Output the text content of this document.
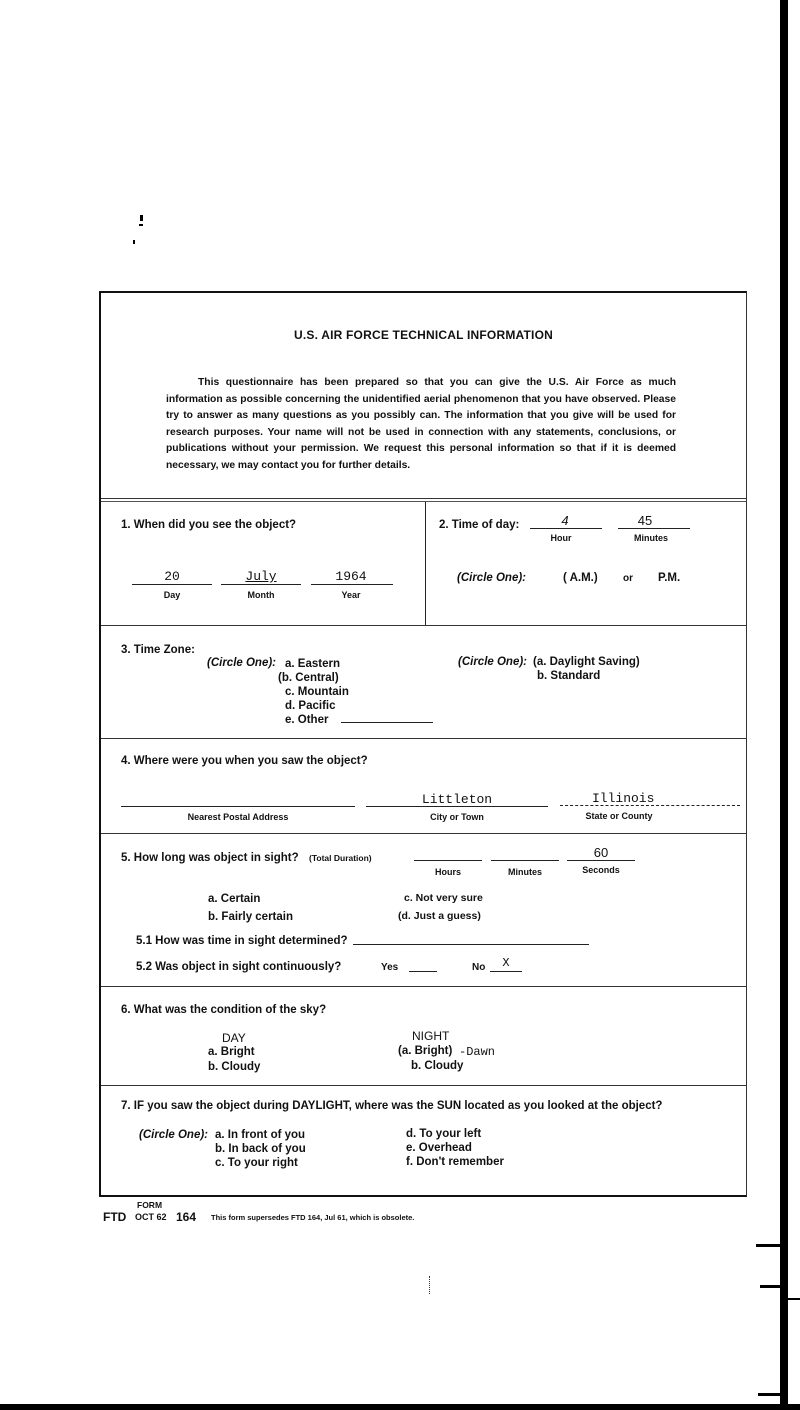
U.S. AIR FORCE TECHNICAL INFORMATION
This questionnaire has been prepared so that you can give the U.S. Air Force as much information as possible concerning the unidentified aerial phenomenon that you have observed. Please try to answer as many questions as you possibly can. The information that you give will be used for research purposes. Your name will not be used in connection with any statements, conclusions, or publications without your permission. We request this personal information so that if it is deemed necessary, we may contact you for further details.
1. When did you see the object?
20
Day
July
Month
1964
Year
2. Time of day:	4
Hour
45
Minutes
(Circle One):	( A.M.)	or P.M.
3. Time Zone:
(Circle One): a. Eastern
(b. Central)
c. Mountain
d. Pacific
e. Other
(Circle One): (a. Daylight Saving)
b. Standard
4. Where were you when you saw the object?
Nearest Postal Address
Littleton
City or Town
Illinois
State or County
5. How long was object in sight? (Total Duration)
Hours	Minutes
60
Seconds
a. Certain
b. Fairly certain
c. Not very sure
(d. Just a guess)
5.1 How was time in sight determined?
5.2 Was object in sight continuously?	Yes	No	X
6. What was the condition of the sky?
DAY
a. Bright
b. Cloudy
NIGHT
(a. Bright) -Dawn
b. Cloudy
7. IF you saw the object during DAYLIGHT, where was the SUN located as you looked at the object?
(Circle One): a. In front of you
b. In back of you
c. To your right
d. To your left
e. Overhead
f. Don't remember
FORM
FTD OCT 62 164 This form supersedes FTD 164, Jul 61, which is obsolete.
